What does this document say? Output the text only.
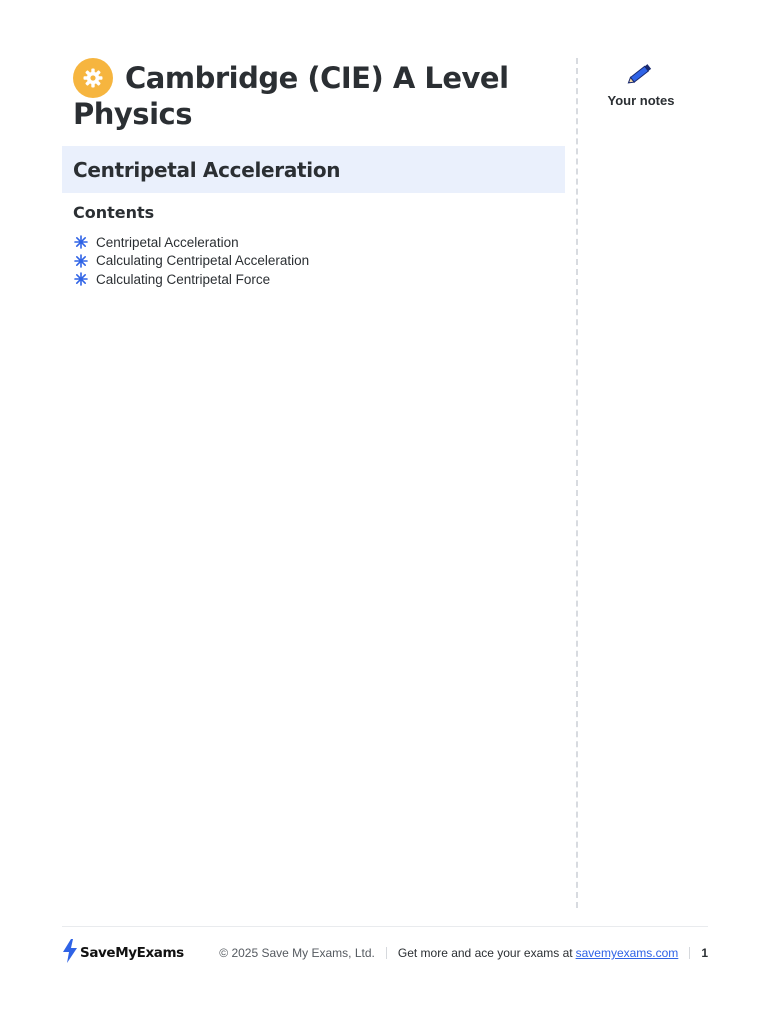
Cambridge (CIE) A Level
Physics
Centripetal Acceleration
Contents
Centripetal Acceleration
Calculating Centripetal Acceleration
Calculating Centripetal Force
Your notes
SaveMyExams	© 2025 Save My Exams, Ltd. Get more and ace your exams at savemyexams.com 1
